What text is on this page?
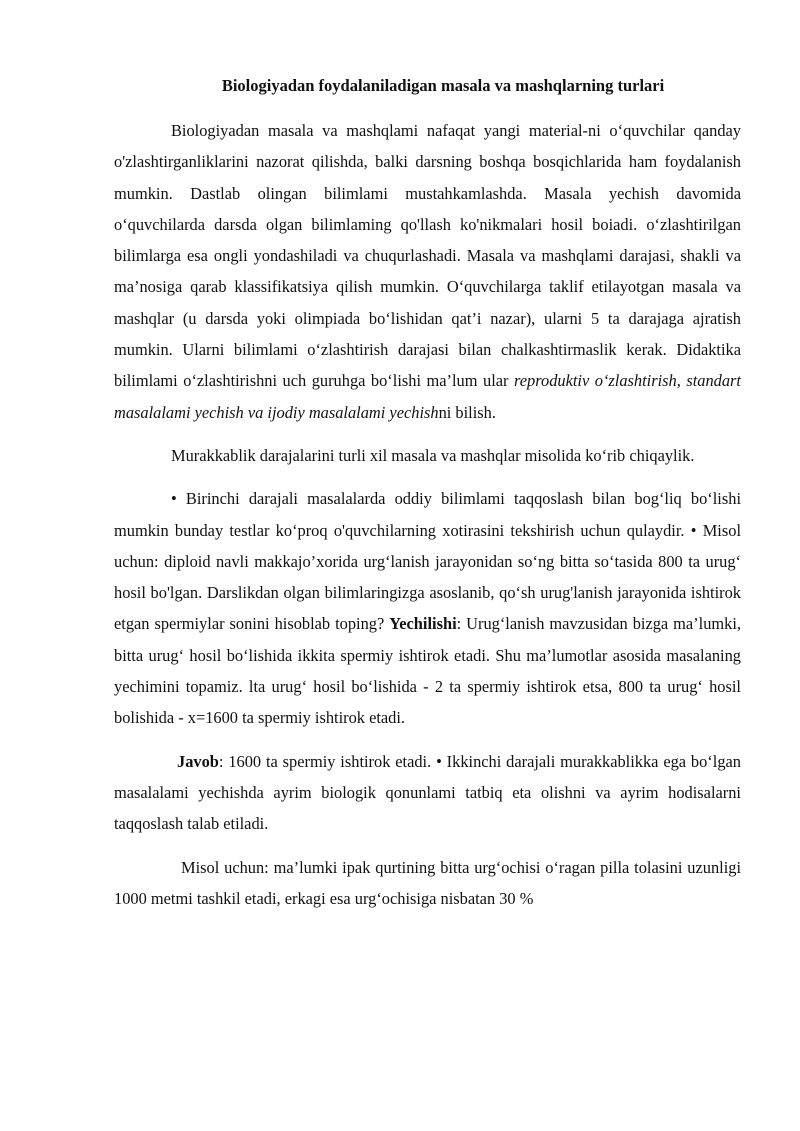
Biologiyadan foydalaniladigan masala va mashqlarning turlari

Biologiyadan masala va mashqlami nafaqat yangi material-ni o‘quvchilar qanday o'zlashtirganliklarini nazorat qilishda, balki darsning boshqa bosqichlarida ham foydalanish mumkin. Dastlab olingan bilimlami mustahkamlashda. Masala yechish davomida o‘quvchilarda darsda olgan bilimlaming qo'llash ko'nikmalari hosil boiadi. o‘zlashtirilgan bilimlarga esa ongli yondashiladi va chuqurlashadi. Masala va mashqlami darajasi, shakli va ma’nosiga qarab klassifikatsiya qilish mumkin. O‘quvchilarga taklif etilayotgan masala va mashqlar (u darsda yoki olimpiada bo‘lishidan qat’i nazar), ularni 5 ta darajaga ajratish mumkin. Ularni bilimlami o‘zlashtirish darajasi bilan chalkashtirmaslik kerak. Didaktika bilimlami o‘zlashtirishni uch guruhga bo‘lishi ma’lum ular reproduktiv o‘zlashtirish, standart masalalami yechish va ijodiy masalalami yechishni bilish.

Murakkablik darajalarini turli xil masala va mashqlar misolida ko‘rib chiqaylik.

• Birinchi darajali masalalarda oddiy bilimlami taqqoslash bilan bog‘liq bo‘lishi mumkin bunday testlar ko‘proq o'quvchilarning xotirasini tekshirish uchun qulaydir. • Misol uchun: diploid navli makkajo’xorida urg‘lanish jarayonidan so‘ng bitta so‘tasida 800 ta urug‘ hosil bo'lgan. Darslikdan olgan bilimlaringizga asoslanib, qo‘sh urug'lanish jarayonida ishtirok etgan spermiylar sonini hisoblab toping? Yechilishi: Urug‘lanish mavzusidan bizga ma’lumki, bitta urug‘ hosil bo‘lishida ikkita spermiy ishtirok etadi. Shu ma’lumotlar asosida masalaning yechimini topamiz. lta urug‘ hosil bo‘lishida - 2 ta spermiy ishtirok etsa, 800 ta urug‘ hosil bolishida - x=1600 ta spermiy ishtirok etadi.

Javob: 1600 ta spermiy ishtirok etadi. • Ikkinchi darajali murakkablikka ega bo‘lgan masalalami yechishda ayrim biologik qonunlami tatbiq eta olishni va ayrim hodisalarni taqqoslash talab etiladi.

Misol uchun: ma’lumki ipak qurtining bitta urg‘ochisi o‘ragan pilla tolasini uzunligi 1000 metmi tashkil etadi, erkagi esa urg‘ochisiga nisbatan 30 %
